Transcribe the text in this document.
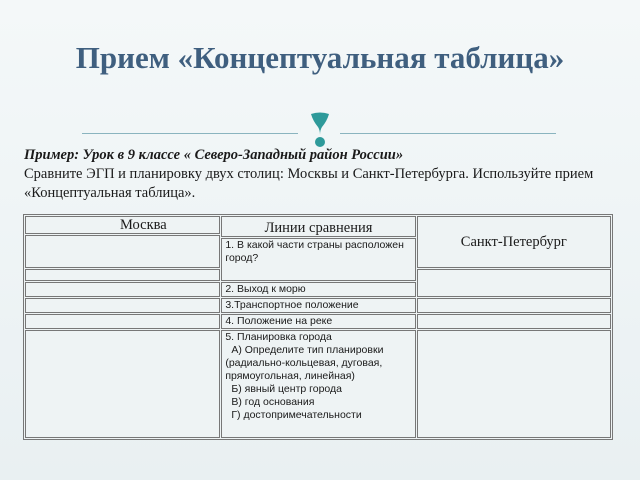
Прием «Концептуальная таблица»
Пример: Урок в 9 классе « Северо-Западный район России»
Сравните ЭГП и планировку двух столиц: Москвы и Санкт-Петербурга. Используйте прием «Концептуальная таблица».
Москва	Линии сравнения	Санкт-Петербург

	1. В какой части страны расположен город?	

	2. Выход к морю	
	3.Транспортное положение	
	4. Положение на реке	
	5. Планировка города
А) Определите тип планировки (радиально-кольцевая, дуговая, прямоугольная, линейная)
Б) явный центр города
В) год основания
Г) достопримечательности	
